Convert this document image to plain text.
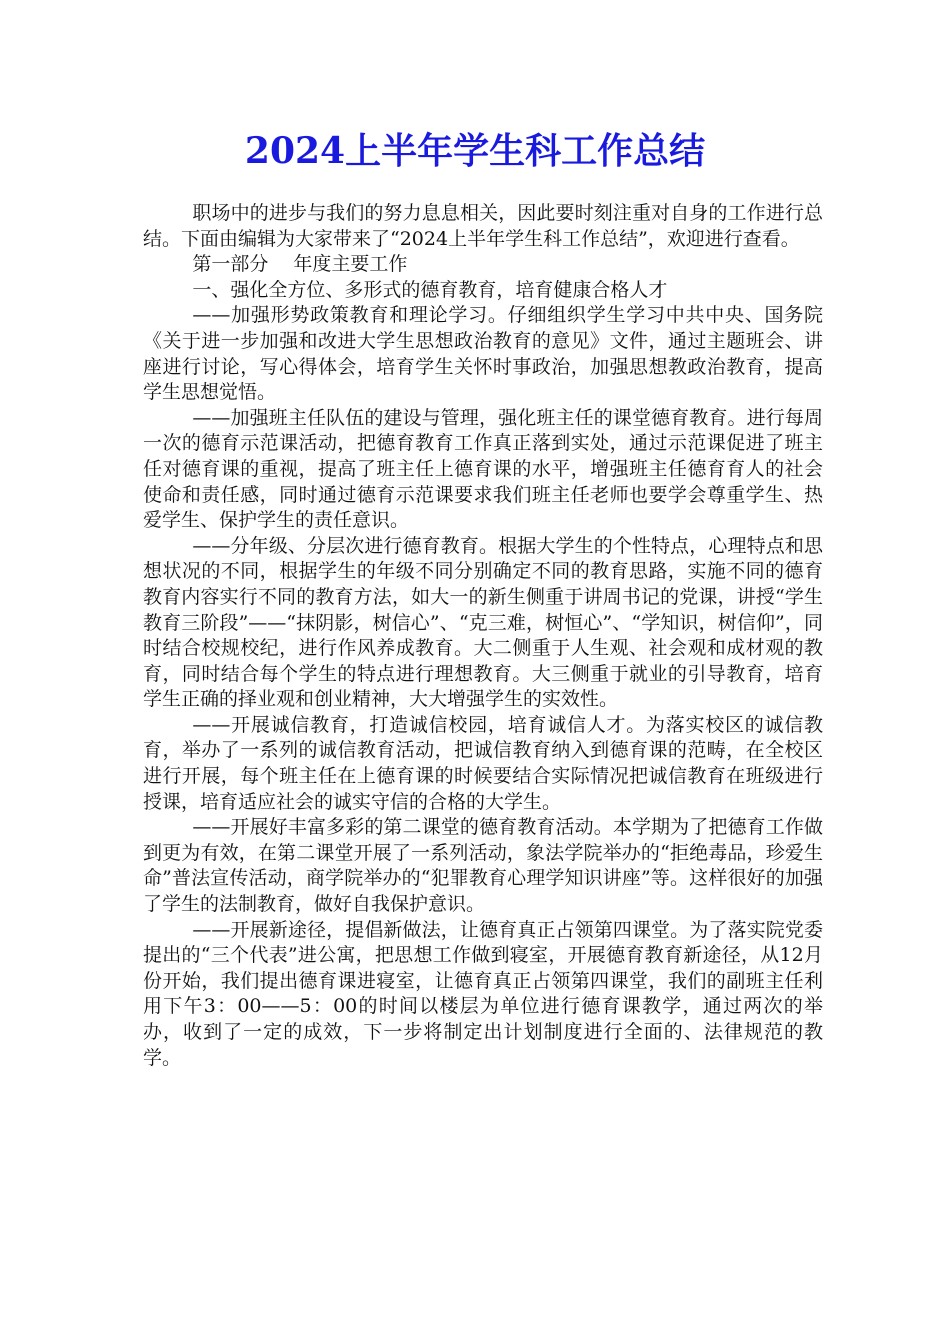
2024上半年学生科工作总结

职场中的进步与我们的努力息息相关，因此要时刻注重对自身的工作进行总结。下面由编辑为大家带来了“2024上半年学生科工作总结”，欢迎进行查看。

第一部分　 年度主要工作

一、强化全方位、多形式的德育教育，培育健康合格人才

——加强形势政策教育和理论学习。仔细组织学生学习中共中央、国务院《关于进一步加强和改进大学生思想政治教育的意见》文件，通过主题班会、讲座进行讨论，写心得体会，培育学生关怀时事政治，加强思想教政治教育，提高学生思想觉悟。

——加强班主任队伍的建设与管理，强化班主任的课堂德育教育。进行每周一次的德育示范课活动，把德育教育工作真正落到实处，通过示范课促进了班主任对德育课的重视，提高了班主任上德育课的水平，增强班主任德育育人的社会使命和责任感，同时通过德育示范课要求我们班主任老师也要学会尊重学生、热爱学生、保护学生的责任意识。

——分年级、分层次进行德育教育。根据大学生的个性特点，心理特点和思想状况的不同，根据学生的年级不同分别确定不同的教育思路，实施不同的德育教育内容实行不同的教育方法，如大一的新生侧重于讲周书记的党课，讲授“学生教育三阶段”——“抹阴影，树信心”、“克三难，树恒心”、“学知识，树信仰”，同时结合校规校纪，进行作风养成教育。大二侧重于人生观、社会观和成材观的教育，同时结合每个学生的特点进行理想教育。大三侧重于就业的引导教育，培育学生正确的择业观和创业精神，大大增强学生的实效性。

——开展诚信教育，打造诚信校园，培育诚信人才。为落实校区的诚信教育，举办了一系列的诚信教育活动，把诚信教育纳入到德育课的范畴，在全校区进行开展，每个班主任在上德育课的时候要结合实际情况把诚信教育在班级进行授课，培育适应社会的诚实守信的合格的大学生。

——开展好丰富多彩的第二课堂的德育教育活动。本学期为了把德育工作做到更为有效，在第二课堂开展了一系列活动，象法学院举办的“拒绝毒品，珍爱生命”普法宣传活动，商学院举办的“犯罪教育心理学知识讲座”等。这样很好的加强了学生的法制教育，做好自我保护意识。

——开展新途径，提倡新做法，让德育真正占领第四课堂。为了落实院党委提出的“三个代表”进公寓，把思想工作做到寝室，开展德育教育新途径，从12月份开始，我们提出德育课进寝室，让德育真正占领第四课堂，我们的副班主任利用下午3：00——5：00的时间以楼层为单位进行德育课教学，通过两次的举办，收到了一定的成效，下一步将制定出计划制度进行全面的、法律规范的教学。
